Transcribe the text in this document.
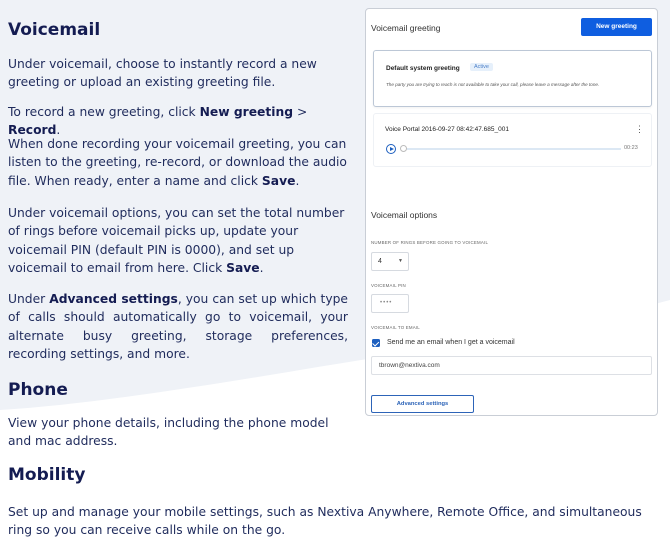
Voicemail

Under voicemail, choose to instantly record a new greeting or upload an existing greeting file.

To record a new greeting, click New greeting > Record.

When done recording your voicemail greeting, you can listen to the greeting, re-record, or download the audio file. When ready, enter a name and click Save.

Under voicemail options, you can set the total number of rings before voicemail picks up, update your voicemail PIN (default PIN is 0000), and set up voicemail to email from here. Click Save.

Under Advanced settings, you can set up which type of calls should automatically go to voicemail, your alternate busy greeting, storage preferences, recording settings, and more.

Phone

View your phone details, including the phone model and mac address.

Mobility

Set up and manage your mobile settings, such as Nextiva Anywhere, Remote Office, and simultaneous ring so you can receive calls while on the go.

Voicemail greeting	New greeting
Default system greeting	Active
The party you are trying to reach is not available to take your call, please leave a message after the tone.
Voice Portal 2016-09-27 08:42:47.685_001	⋮
00:23
Voicemail options
NUMBER OF RINGS BEFORE GOING TO VOICEMAIL
4	▼
VOICEMAIL PIN
••••
VOICEMAIL TO EMAIL
Send me an email when I get a voicemail
tbrown@nextiva.com
Advanced settings
